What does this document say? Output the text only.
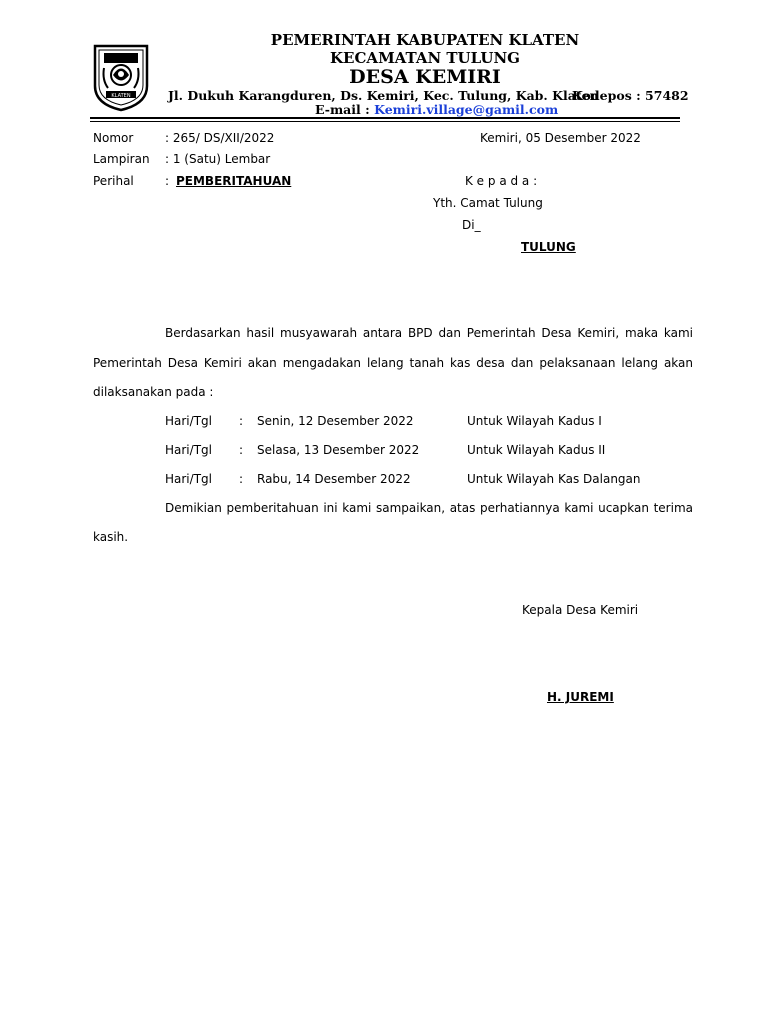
KLATEN
PEMERINTAH KABUPATEN KLATEN
KECAMATAN TULUNG
DESA KEMIRI
Jl. Dukuh Karangduren, Ds. Kemiri, Kec. Tulung, Kab. Klaten
Kodepos : 57482
E-mail : Kemiri.village@gamil.com
Nomor	: 265/ DS/XII/2022	Kemiri, 05 Desember 2022
Lampiran : 1 (Satu) Lembar
Perihal	: PEMBERITAHUAN	K e p a d a :
Yth. Camat Tulung
Di_
TULUNG
Berdasarkan hasil musyawarah antara BPD dan Pemerintah Desa Kemiri, maka kami
Pemerintah Desa Kemiri akan mengadakan lelang tanah kas desa dan pelaksanaan lelang akan
dilaksanakan pada :
Hari/Tgl : Senin, 12 Desember 2022	Untuk Wilayah Kadus I
Hari/Tgl : Selasa, 13 Desember 2022	Untuk Wilayah Kadus II
Hari/Tgl : Rabu, 14 Desember 2022	Untuk Wilayah Kas Dalangan
Demikian pemberitahuan ini kami sampaikan, atas perhatiannya kami ucapkan terima
kasih.
Kepala Desa Kemiri
H. JUREMI
